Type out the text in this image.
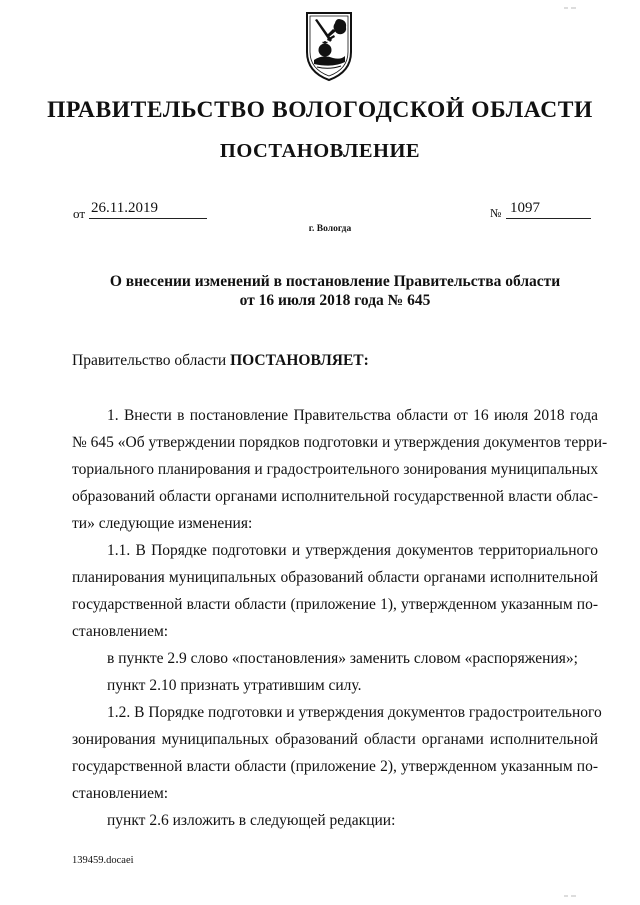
ПРАВИТЕЛЬСТВО ВОЛОГОДСКОЙ ОБЛАСТИ
ПОСТАНОВЛЕНИЕ
от 26.11.2019	№ 1097
г. Вологда
О внесении изменений в постановление Правительства области
от 16 июля 2018 года № 645
Правительство области ПОСТАНОВЛЯЕТ:
1. Внести в постановление Правительства области от 16 июля 2018 года
№ 645 «Об утверждении порядков подготовки и утверждения документов терри-
ториального планирования и градостроительного зонирования муниципальных
образований области органами исполнительной государственной власти облас-
ти» следующие изменения:
1.1. В Порядке подготовки и утверждения документов территориального
планирования муниципальных образований области органами исполнительной
государственной власти области (приложение 1), утвержденном указанным по-
становлением:
в пункте 2.9 слово «постановления» заменить словом «распоряжения»;
пункт 2.10 признать утратившим силу.
1.2. В Порядке подготовки и утверждения документов градостроительного
зонирования муниципальных образований области органами исполнительной
государственной власти области (приложение 2), утвержденном указанным по-
становлением:
пункт 2.6 изложить в следующей редакции:
139459.docaei
